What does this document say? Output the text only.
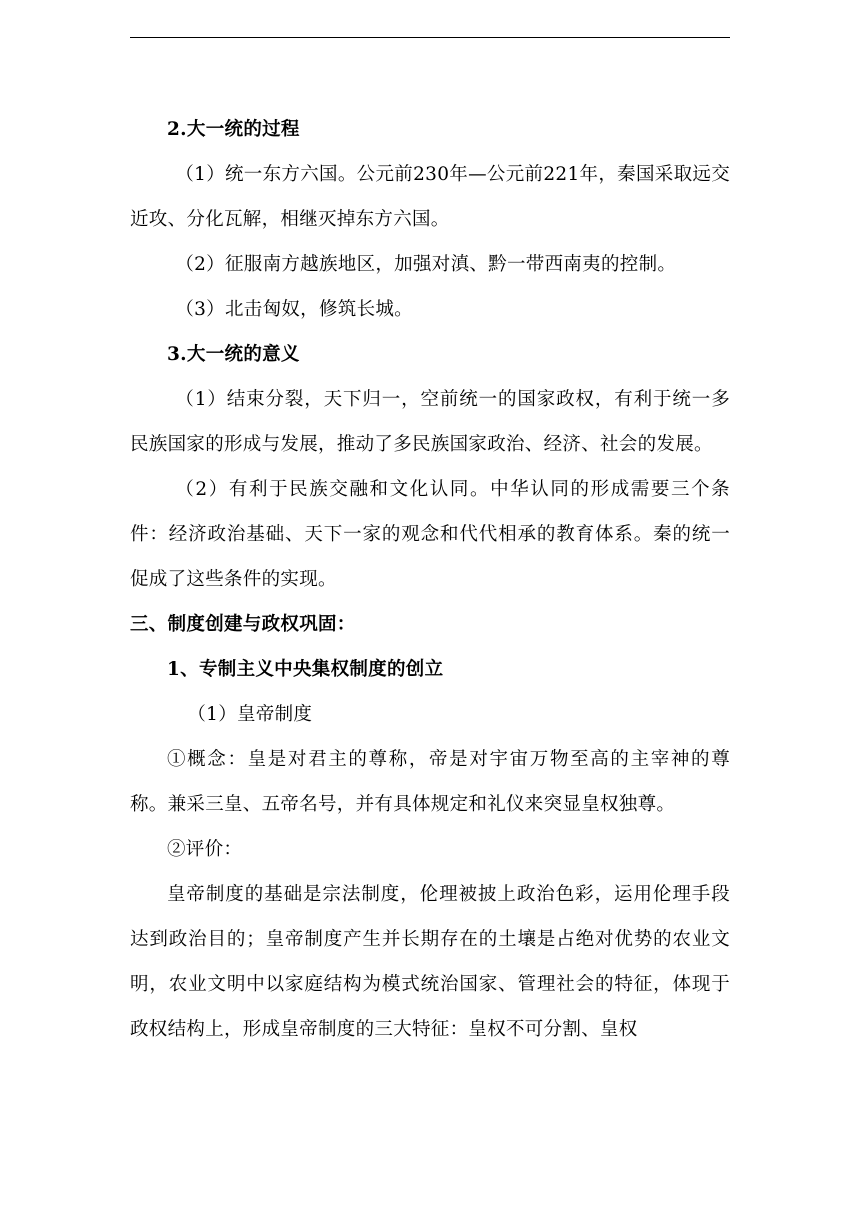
2.大一统的过程

（1）统一东方六国。公元前230年—公元前221年，秦国采取远交近攻、分化瓦解，相继灭掉东方六国。

（2）征服南方越族地区，加强对滇、黔一带西南夷的控制。

（3）北击匈奴，修筑长城。

3.大一统的意义

（1）结束分裂，天下归一，空前统一的国家政权，有利于统一多民族国家的形成与发展，推动了多民族国家政治、经济、社会的发展。

（2）有利于民族交融和文化认同。中华认同的形成需要三个条件：经济政治基础、天下一家的观念和代代相承的教育体系。秦的统一促成了这些条件的实现。

三、制度创建与政权巩固：

1、专制主义中央集权制度的创立

（1）皇帝制度

①概念：皇是对君主的尊称，帝是对宇宙万物至高的主宰神的尊称。兼采三皇、五帝名号，并有具体规定和礼仪来突显皇权独尊。

②评价：

皇帝制度的基础是宗法制度，伦理被披上政治色彩，运用伦理手段达到政治目的；皇帝制度产生并长期存在的土壤是占绝对优势的农业文明，农业文明中以家庭结构为模式统治国家、管理社会的特征，体现于政权结构上，形成皇帝制度的三大特征：皇权不可分割、皇权
